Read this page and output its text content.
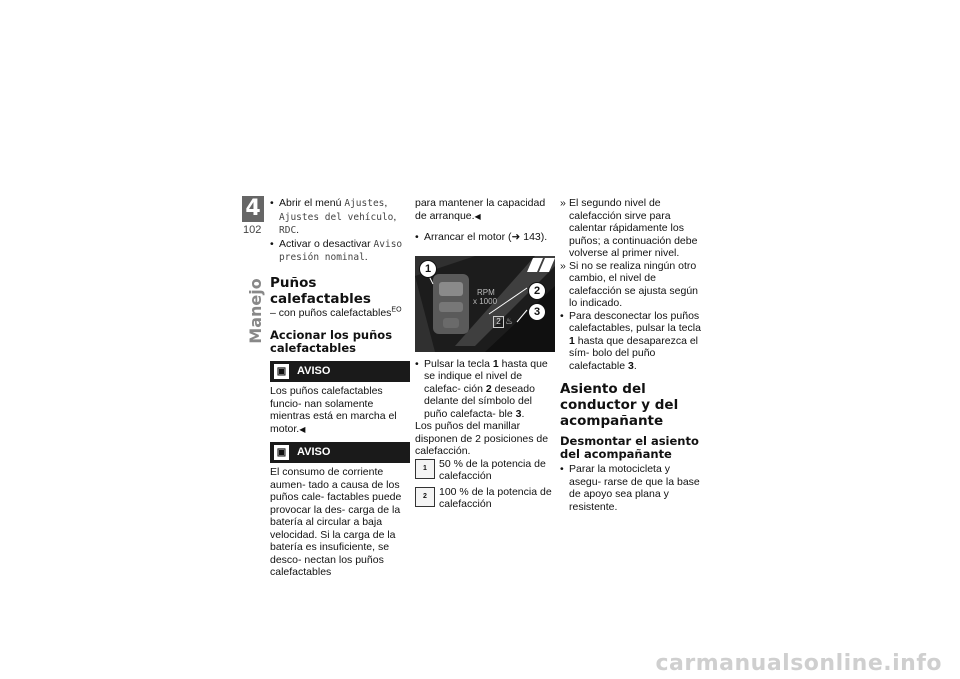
4
102
Manejo

• Abrir el menú Ajustes,
Ajustes del vehículo,
RDC.

• Activar o desactivar Aviso
presión nominal.

Puños calefactables

– con puños calefactables$^{EO}$

Accionar los puños calefactables
▣ AVISO

Los puños calefactables funcio- nan solamente mientras está en marcha el motor.◀

▣ AVISO

El consumo de corriente aumen- tado a causa de los puños cale- factables puede provocar la des- carga de la batería al circular a baja velocidad. Si la carga de la batería es insuficiente, se desco- nectan los puños calefactables

para mantener la capacidad de arranque.◀

• Arrancar el motor (➜ 143).

1
2
3
RPM
x 1000
2 ♨

• Pulsar la tecla 1 hasta que se indique el nivel de calefac- ción 2 deseado delante del símbolo del puño calefacta- ble 3.

Los puños del manillar disponen de 2 posiciones de calefacción.

1	50 % de la potencia de calefacción
2	100 % de la potencia de calefacción

» El segundo nivel de calefacción sirve para calentar rápidamente los puños; a continuación debe volverse al primer nivel.

» Si no se realiza ningún otro cambio, el nivel de calefacción se ajusta según lo indicado.

• Para desconectar los puños calefactables, pulsar la tecla 1 hasta que desaparezca el sím- bolo del puño calefactable 3.

Asiento del conductor y del acompañante
Desmontar el asiento del acompañante

• Parar la motocicleta y asegu- rarse de que la base de apoyo sea plana y resistente.

carmanualsonline.info
